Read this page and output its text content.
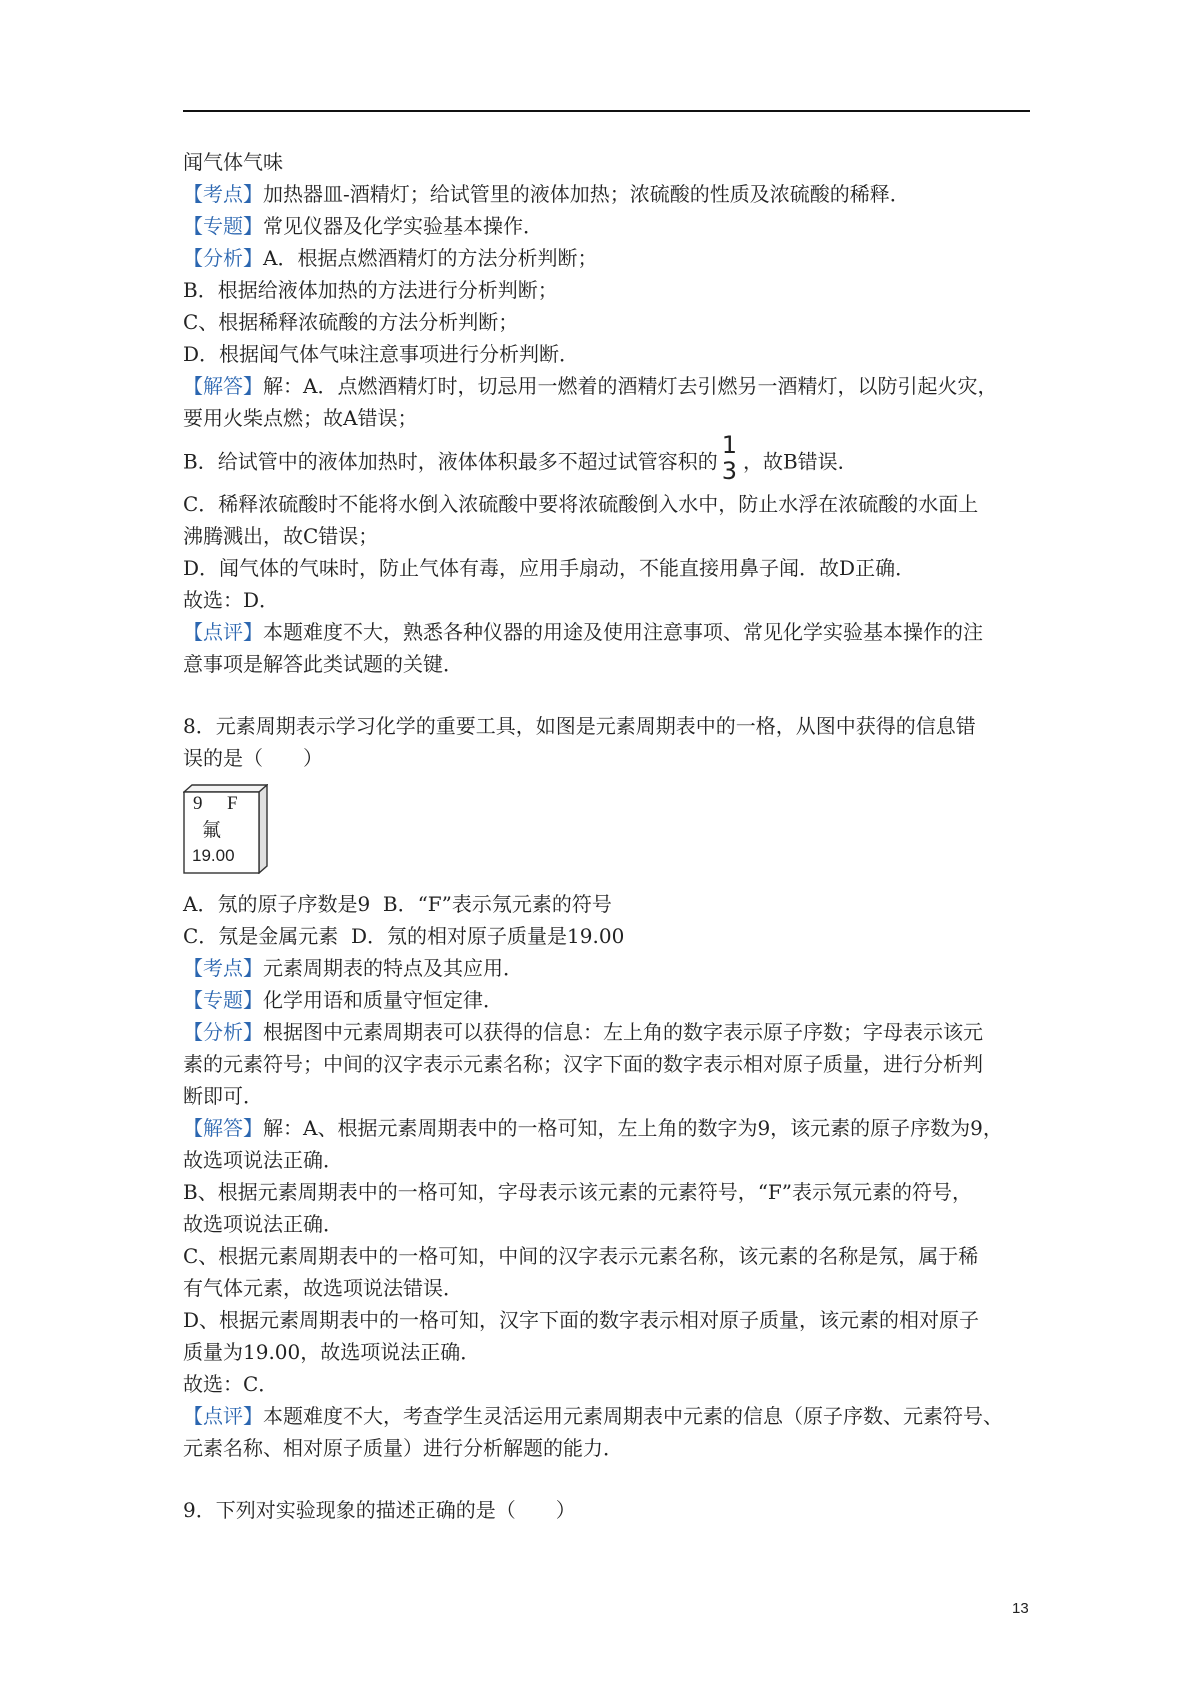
闻气体气味
【考点】加热器皿-酒精灯；给试管里的液体加热；浓硫酸的性质及浓硫酸的稀释．
【专题】常见仪器及化学实验基本操作．
【分析】A．根据点燃酒精灯的方法分析判断；
B．根据给液体加热的方法进行分析判断；
C、根据稀释浓硫酸的方法分析判断；
D．根据闻气体气味注意事项进行分析判断．
【解答】解：A．点燃酒精灯时，切忌用一燃着的酒精灯去引燃另一酒精灯，以防引起火灾，
要用火柴点燃；故A错误；
B．给试管中的液体加热时，液体体积最多不超过试管容积的
1
3 ，故B错误．
C．稀释浓硫酸时不能将水倒入浓硫酸中要将浓硫酸倒入水中，防止水浮在浓硫酸的水面上
沸腾溅出，故C错误；
D．闻气体的气味时，防止气体有毒，应用手扇动，不能直接用鼻子闻．故D正确．
故选：D．
【点评】本题难度不大，熟悉各种仪器的用途及使用注意事项、常见化学实验基本操作的注
意事项是解答此类试题的关键．
8．元素周期表示学习化学的重要工具，如图是元素周期表中的一格，从图中获得的信息错
误的是（　　）
9 F
氟
19.00
A．氖的原子序数是9  B．“F”表示氖元素的符号
C．氖是金属元素  D．氖的相对原子质量是19.00
【考点】元素周期表的特点及其应用．
【专题】化学用语和质量守恒定律．
【分析】根据图中元素周期表可以获得的信息：左上角的数字表示原子序数；字母表示该元
素的元素符号；中间的汉字表示元素名称；汉字下面的数字表示相对原子质量，进行分析判
断即可．
【解答】解：A、根据元素周期表中的一格可知，左上角的数字为9，该元素的原子序数为9，
故选项说法正确．
B、根据元素周期表中的一格可知，字母表示该元素的元素符号，“F”表示氖元素的符号，
故选项说法正确．
C、根据元素周期表中的一格可知，中间的汉字表示元素名称，该元素的名称是氖，属于稀
有气体元素，故选项说法错误．
D、根据元素周期表中的一格可知，汉字下面的数字表示相对原子质量，该元素的相对原子
质量为19.00，故选项说法正确．
故选：C．
【点评】本题难度不大，考查学生灵活运用元素周期表中元素的信息（原子序数、元素符号、
元素名称、相对原子质量）进行分析解题的能力．
9．下列对实验现象的描述正确的是（　　）
13
